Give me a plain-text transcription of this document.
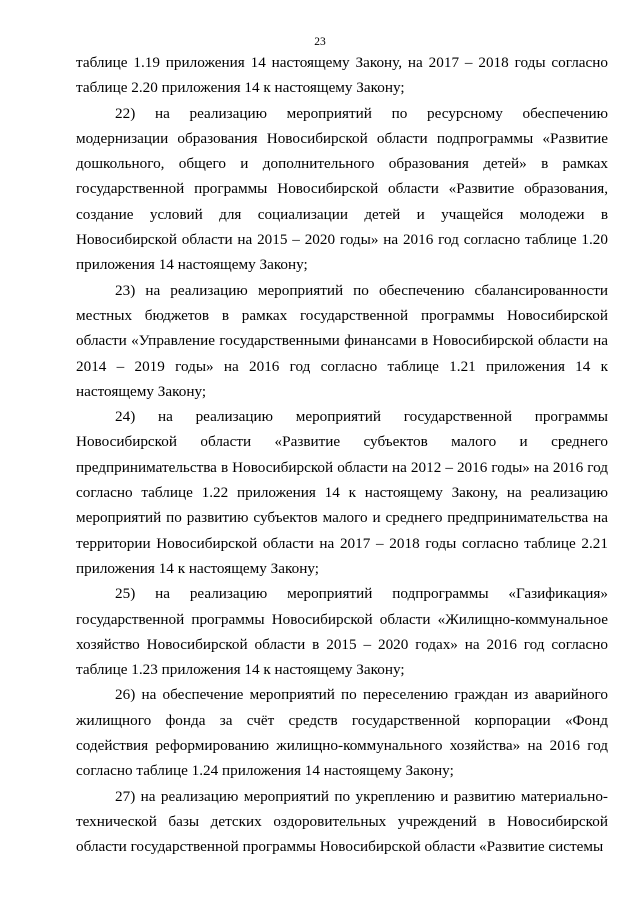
23

таблице 1.19 приложения 14 настоящему Закону, на 2017 – 2018 годы согласно таблице 2.20 приложения 14 к настоящему Закону;

22) на реализацию мероприятий по ресурсному обеспечению модернизации образования Новосибирской области подпрограммы «Развитие дошкольного, общего и дополнительного образования детей» в рамках государственной программы Новосибирской области «Развитие образования, создание условий для социализации детей и учащейся молодежи в Новосибирской области на 2015 – 2020 годы» на 2016 год согласно таблице 1.20 приложения 14 настоящему Закону;

23) на реализацию мероприятий по обеспечению сбалансированности местных бюджетов в рамках государственной программы Новосибирской области «Управление государственными финансами в Новосибирской области на 2014 – 2019 годы» на 2016 год согласно таблице 1.21 приложения 14 к настоящему Закону;

24) на реализацию мероприятий государственной программы Новосибирской области «Развитие субъектов малого и среднего предпринимательства в Новосибирской области на 2012 – 2016 годы» на 2016 год согласно таблице 1.22 приложения 14 к настоящему Закону, на реализацию мероприятий по развитию субъектов малого и среднего предпринимательства на территории Новосибирской области на 2017 – 2018 годы согласно таблице 2.21 приложения 14 к настоящему Закону;

25) на реализацию мероприятий подпрограммы «Газификация» государственной программы Новосибирской области «Жилищно-коммунальное хозяйство Новосибирской области в 2015 – 2020 годах» на 2016 год согласно таблице 1.23 приложения 14 к настоящему Закону;

26) на обеспечение мероприятий по переселению граждан из аварийного жилищного фонда за счёт средств государственной корпорации «Фонд содействия реформированию жилищно-коммунального хозяйства» на 2016 год согласно таблице 1.24 приложения 14 настоящему Закону;

27) на реализацию мероприятий по укреплению и развитию материально-технической базы детских оздоровительных учреждений в Новосибирской области государственной программы Новосибирской области «Развитие системы
